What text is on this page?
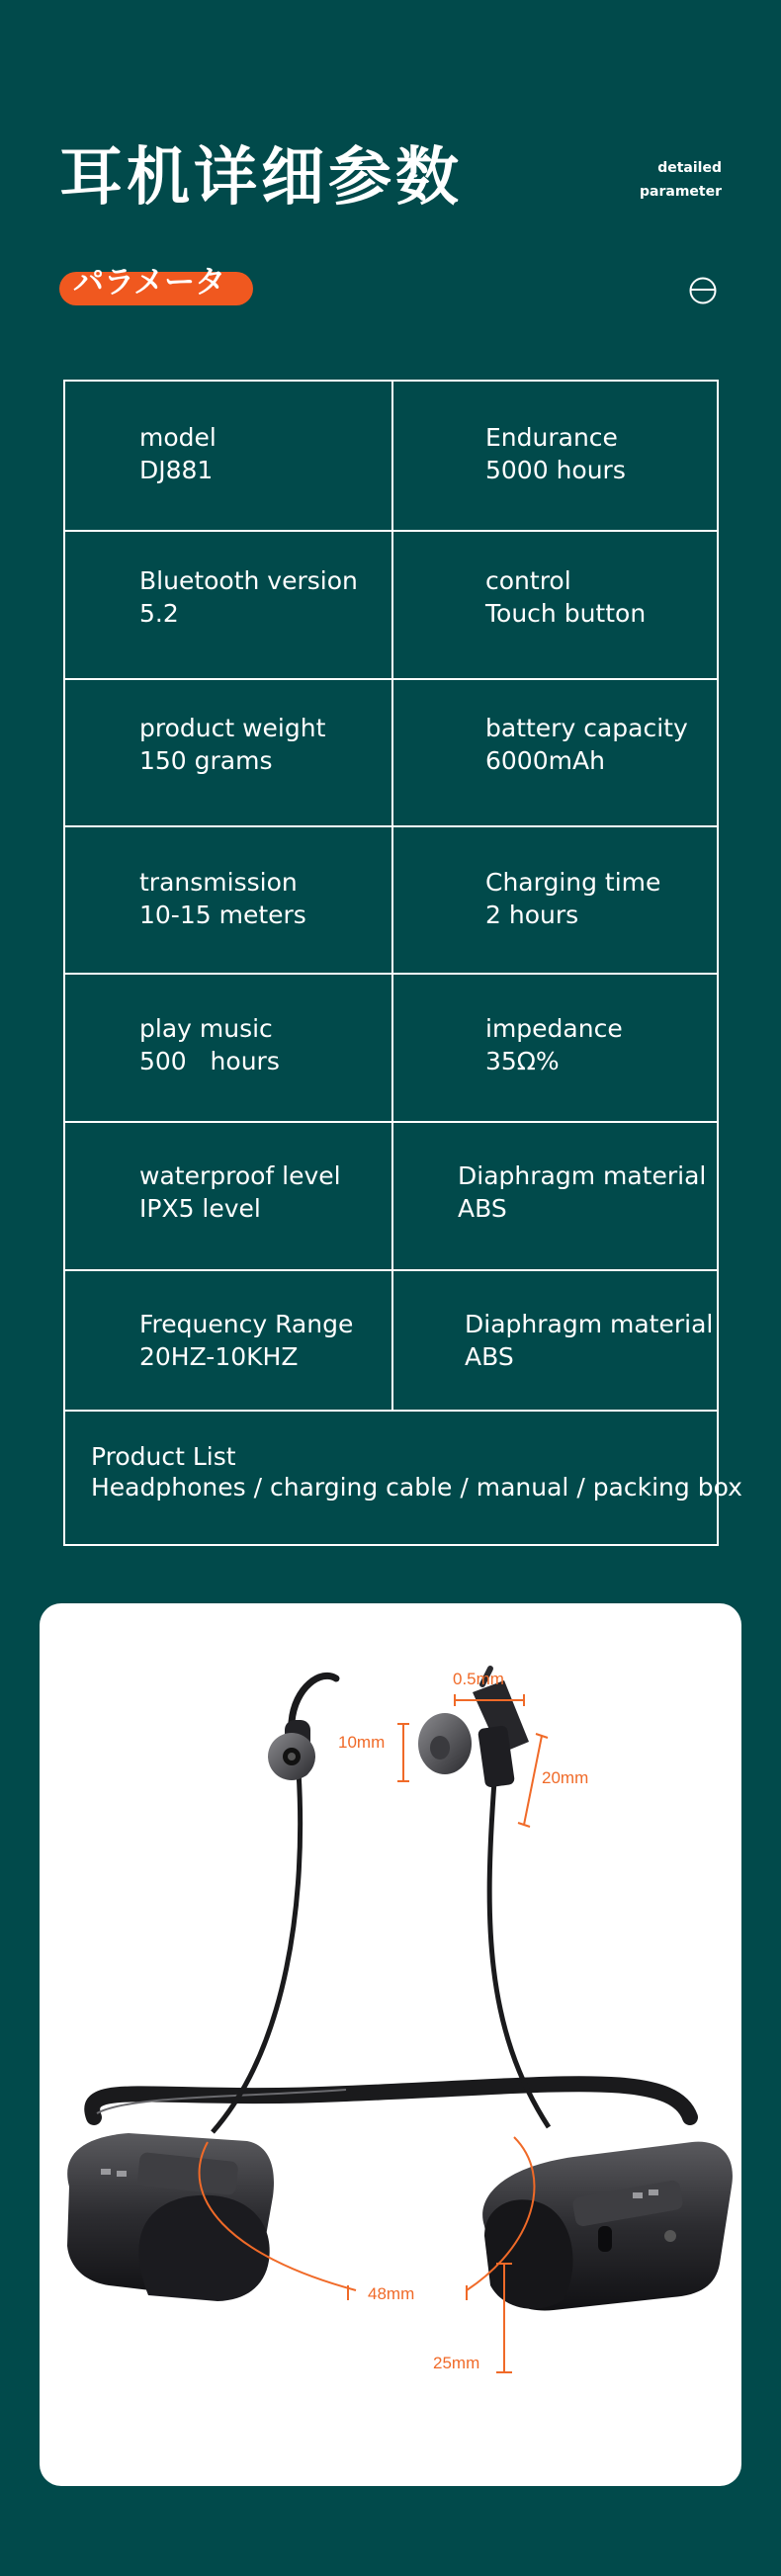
耳机详细参数	detailed
parameter
パラメータ
model
DJ881
Endurance
5000 hours
Bluetooth version
5.2
control
Touch button
product weight
150 grams
battery capacity
6000mAh
transmission
10-15 meters
Charging time
2 hours
play music
500   hours
impedance
35Ω%
waterproof level
IPX5 level
Diaphragm material
ABS
Frequency Range
20HZ-10KHZ
Diaphragm material
ABS
Product List
Headphones / charging cable / manual / packing box
0.5mm
10mm
20mm
48mm
25mm
